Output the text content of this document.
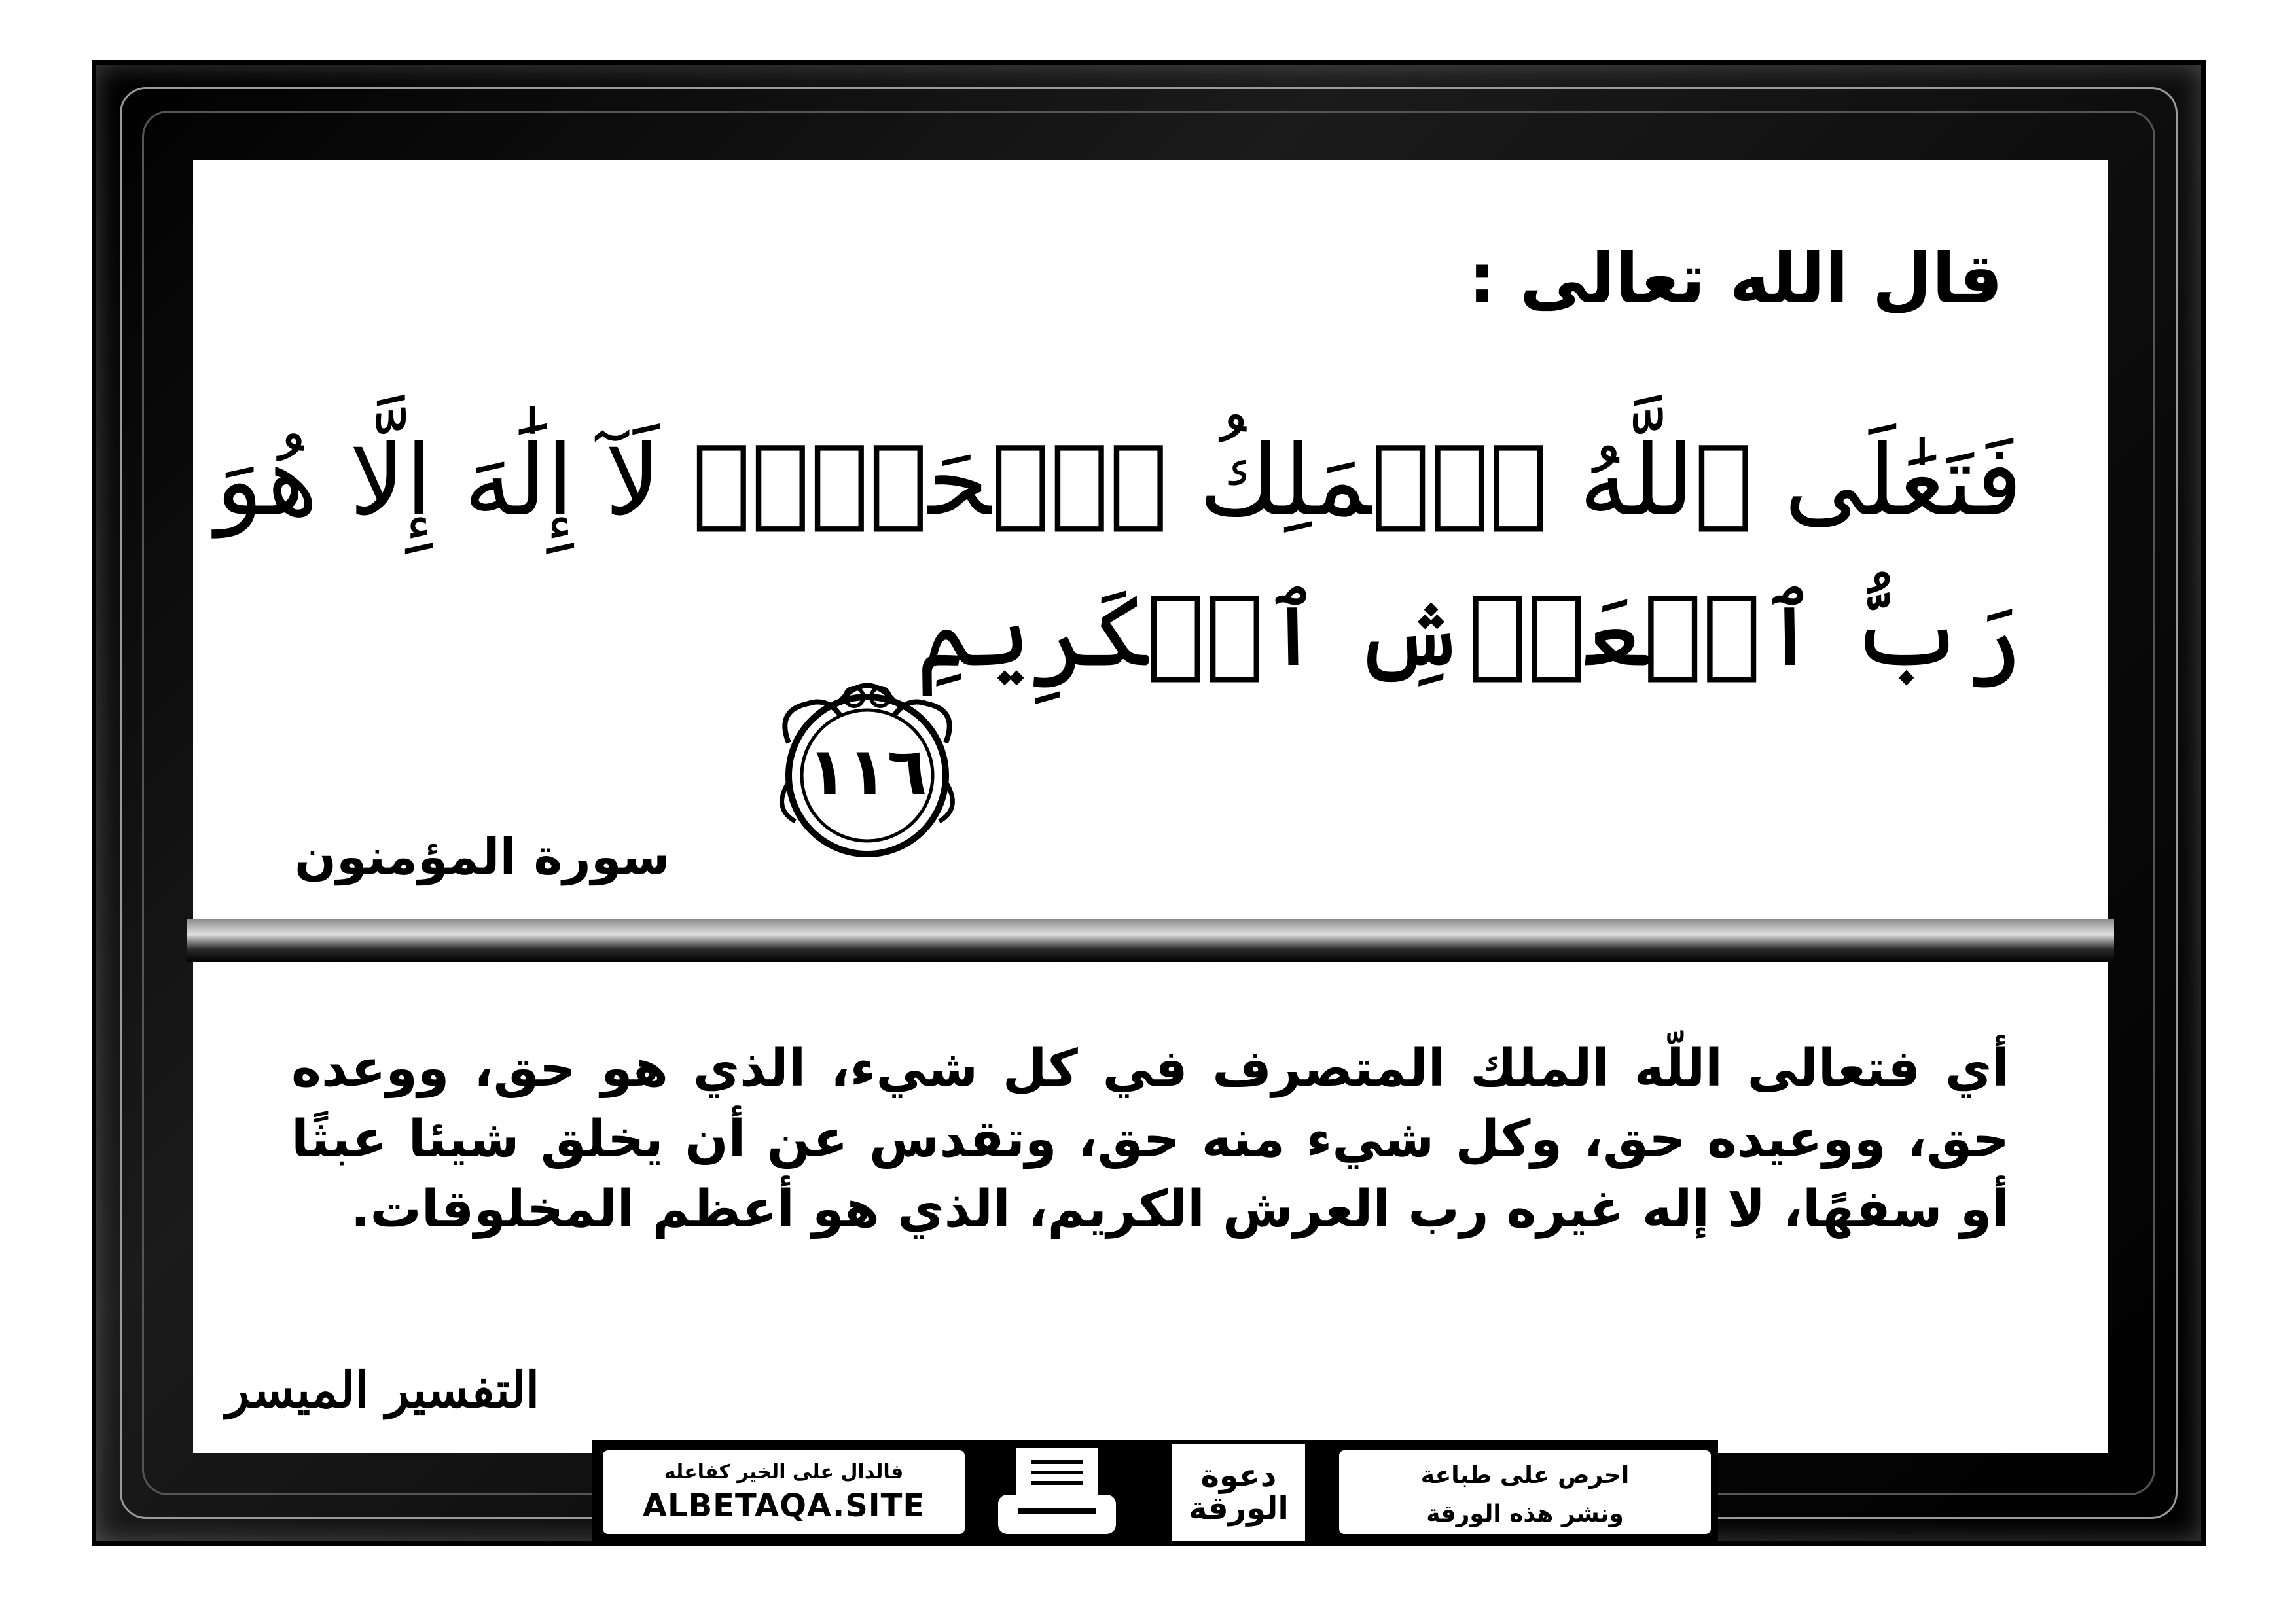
قال الله تعالى :
فَتَعَٰلَى ٱللَّهُ ٱلۡمَلِكُ ٱلۡحَقُّۖ لَآ إِلَٰهَ إِلَّا هُوَ
رَبُّ ٱلۡعَرۡشِ ٱلۡكَرِيمِ
١١٦
سورة المؤمنون
أي فتعالى اللّه الملك المتصرف في كل شيء، الذي هو حق، ووعده حق، ووعيده حق، وكل شيء منه حق، وتقدس عن أن يخلق شيئا عبثًا أو سفهًا، لا إله غيره رب العرش الكريم، الذي هو أعظم المخلوقات.
التفسير الميسر
احرص على طباعة
ونشر هذه الورقة
دعوة
الورقة
فالدال على الخير كفاعله
ALBETAQA.SITE
